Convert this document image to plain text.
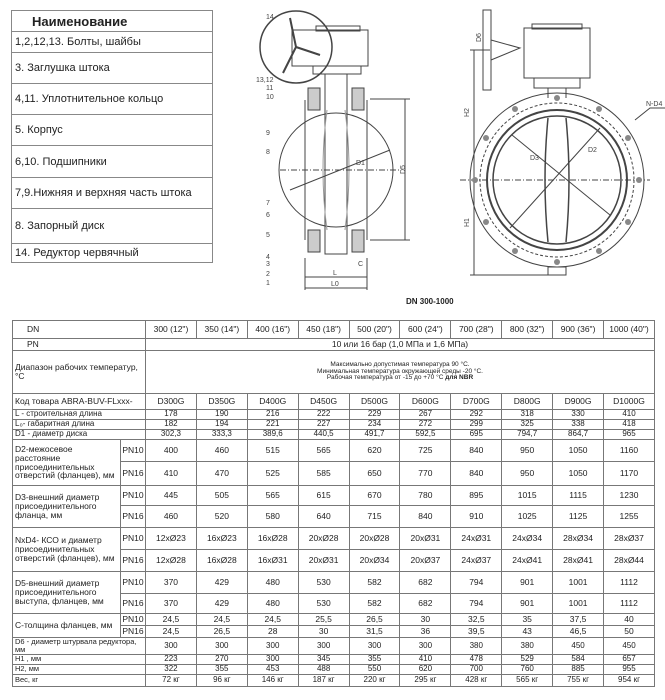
Наименование
1,2,12,13. Болты, шайбы
3. Заглушка штока
4,11. Уплотнительное кольцо
5. Корпус
6,10. Подшипники
7,9.Нижняя и верхняя часть штока
8. Запорный диск
14. Редуктор червячный
D1
D5
L
L0
C
14
13,12
11
10
9
8
7
6
5
4
3
2
1
H2
H1
D6
N-D4
D3
D2
DN 300-1000
DN		300 (12")	350 (14")	400 (16")	450 (18")	500 (20")	600 (24")	700 (28")	800 (32")	900 (36")	1000 (40")
PN		10 или 16 бар (1,0 МПа и 1,6 МПа)									
Диапазон рабочих температур, °С		Максимально допустимая температура 90 °С.
Минимальная температура окружающей среды -20 °С.
Рабочая температура от -15 до +70 °С для NBR									

Код товара ABRA-BUV-FLxxx-		D300G	D350G	D400G	D450G	D500G	D600G	D700G	D800G	D900G	D1000G
L - строительная длина		178	190	216	222	229	267	292	318	330	410
L₀- габаритная длина		182	194	221	227	234	272	299	325	338	418
D1 - диаметр диска		302,3	333,3	389,6	440,5	491,7	592,5	695	794,7	864,7	965
D2-межосевое расстояние присоединительных отверстий (фланцев), мм	PN10	400	460	515	565	620	725	840	950	1050	1160
	PN16	410	470	525	585	650	770	840	950	1050	1170
D3-внешний диаметр присоединительного фланца, мм	PN10	445	505	565	615	670	780	895	1015	1115	1230
	PN16	460	520	580	640	715	840	910	1025	1125	1255
NxD4- КСО и диаметр присоединительных отверстий (фланцев), мм	PN10	12xØ23	16xØ23	16xØ28	20xØ28	20xØ28	20xØ31	24xØ31	24xØ34	28xØ34	28xØ37
	PN16	12xØ28	16xØ28	16xØ31	20xØ31	20xØ34	20xØ37	24xØ37	24xØ41	28xØ41	28xØ44
D5-внешний диаметр присоединительного выступа, фланцев, мм	PN10	370	429	480	530	582	682	794	901	1001	1112
	PN16	370	429	480	530	582	682	794	901	1001	1112
С-толщина фланцев, мм	PN10	24,5	24,5	24,5	25,5	26,5	30	32,5	35	37,5	40
	PN16	24,5	26,5	28	30	31,5	36	39,5	43	46,5	50
D6 - диаметр штурвала редуктора, мм		300	300	300	300	300	300	380	380	450	450
H1 , мм		223	270	300	345	355	410	478	529	584	657
H2, мм		322	355	453	488	550	620	700	760	885	955
Вес, кг		72 кг	96 кг	146 кг	187 кг	220 кг	295 кг	428 кг	565 кг	755 кг	954 кг
